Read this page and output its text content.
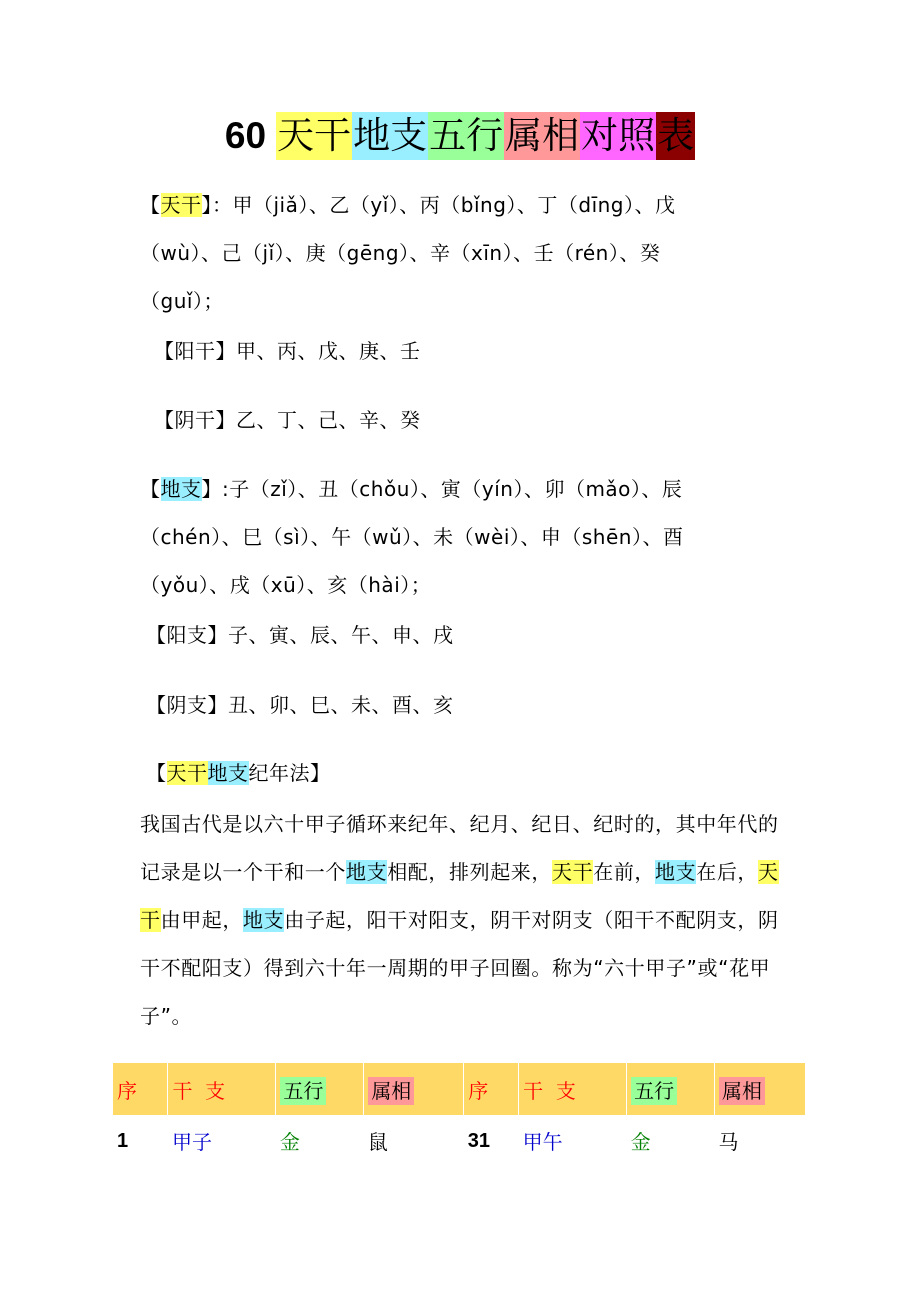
60 天干地支五行属相对照表
【天干】：甲（jiǎ）、乙（yǐ）、丙（bǐng）、丁（dīng）、戊
（wù）、己（jǐ）、庚（gēng）、辛（xīn）、壬（rén）、癸
（guǐ）；
【阳干】甲、丙、戊、庚、壬
【阴干】乙、丁、己、辛、癸
【地支】:子（zǐ）、丑（chǒu）、寅（yín）、卯（mǎo）、辰
（chén）、巳（sì）、午（wǔ）、未（wèi）、申（shēn）、酉
（yǒu）、戌（xū）、亥（hài）；
【阳支】子、寅、辰、午、申、戌
【阴支】丑、卯、巳、未、酉、亥
【天干地支纪年法】
我国古代是以六十甲子循环来纪年、纪月、纪日、纪时的，其中年代的记录是以一个干和一个地支相配，排列起来，天干在前，地支在后，天干由甲起，地支由子起，阳干对阳支，阴干对阴支（阳干不配阴支，阴干不配阳支）得到六十年一周期的甲子回圈。称为“六十甲子”或“花甲子”。
序	干  支	五行	属相	序	干  支	五行	属相
1	甲子	金	鼠	31	甲午	金	马
